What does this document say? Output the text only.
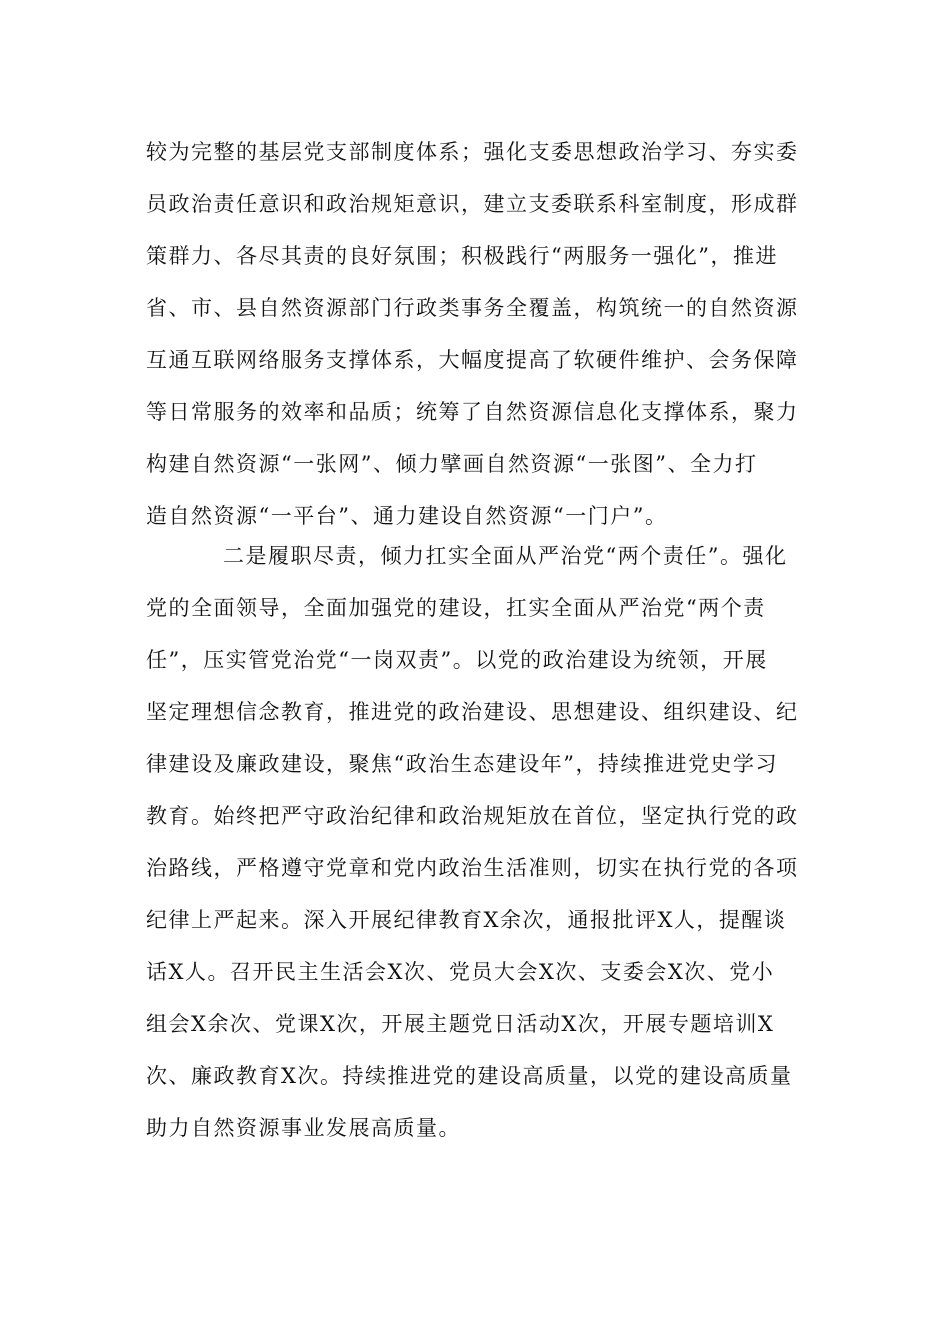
较为完整的基层党支部制度体系；强化支委思想政治学习、夯实委
员政治责任意识和政治规矩意识，建立支委联系科室制度，形成群
策群力、各尽其责的良好氛围；积极践行“两服务一强化”，推进
省、市、县自然资源部门行政类事务全覆盖，构筑统一的自然资源
互通互联网络服务支撑体系，大幅度提高了软硬件维护、会务保障
等日常服务的效率和品质；统筹了自然资源信息化支撑体系，聚力
构建自然资源“一张网”、倾力擘画自然资源“一张图”、全力打
造自然资源“一平台”、通力建设自然资源“一门户”。
二是履职尽责，倾力扛实全面从严治党“两个责任”。强化
党的全面领导，全面加强党的建设，扛实全面从严治党“两个责
任”，压实管党治党“一岗双责”。以党的政治建设为统领，开展
坚定理想信念教育，推进党的政治建设、思想建设、组织建设、纪
律建设及廉政建设，聚焦“政治生态建设年”，持续推进党史学习
教育。始终把严守政治纪律和政治规矩放在首位，坚定执行党的政
治路线，严格遵守党章和党内政治生活准则，切实在执行党的各项
纪律上严起来。深入开展纪律教育X余次，通报批评X人，提醒谈
话X人。召开民主生活会X次、党员大会X次、支委会X次、党小
组会X余次、党课X次，开展主题党日活动X次，开展专题培训X
次、廉政教育X次。持续推进党的建设高质量，以党的建设高质量
助力自然资源事业发展高质量。
